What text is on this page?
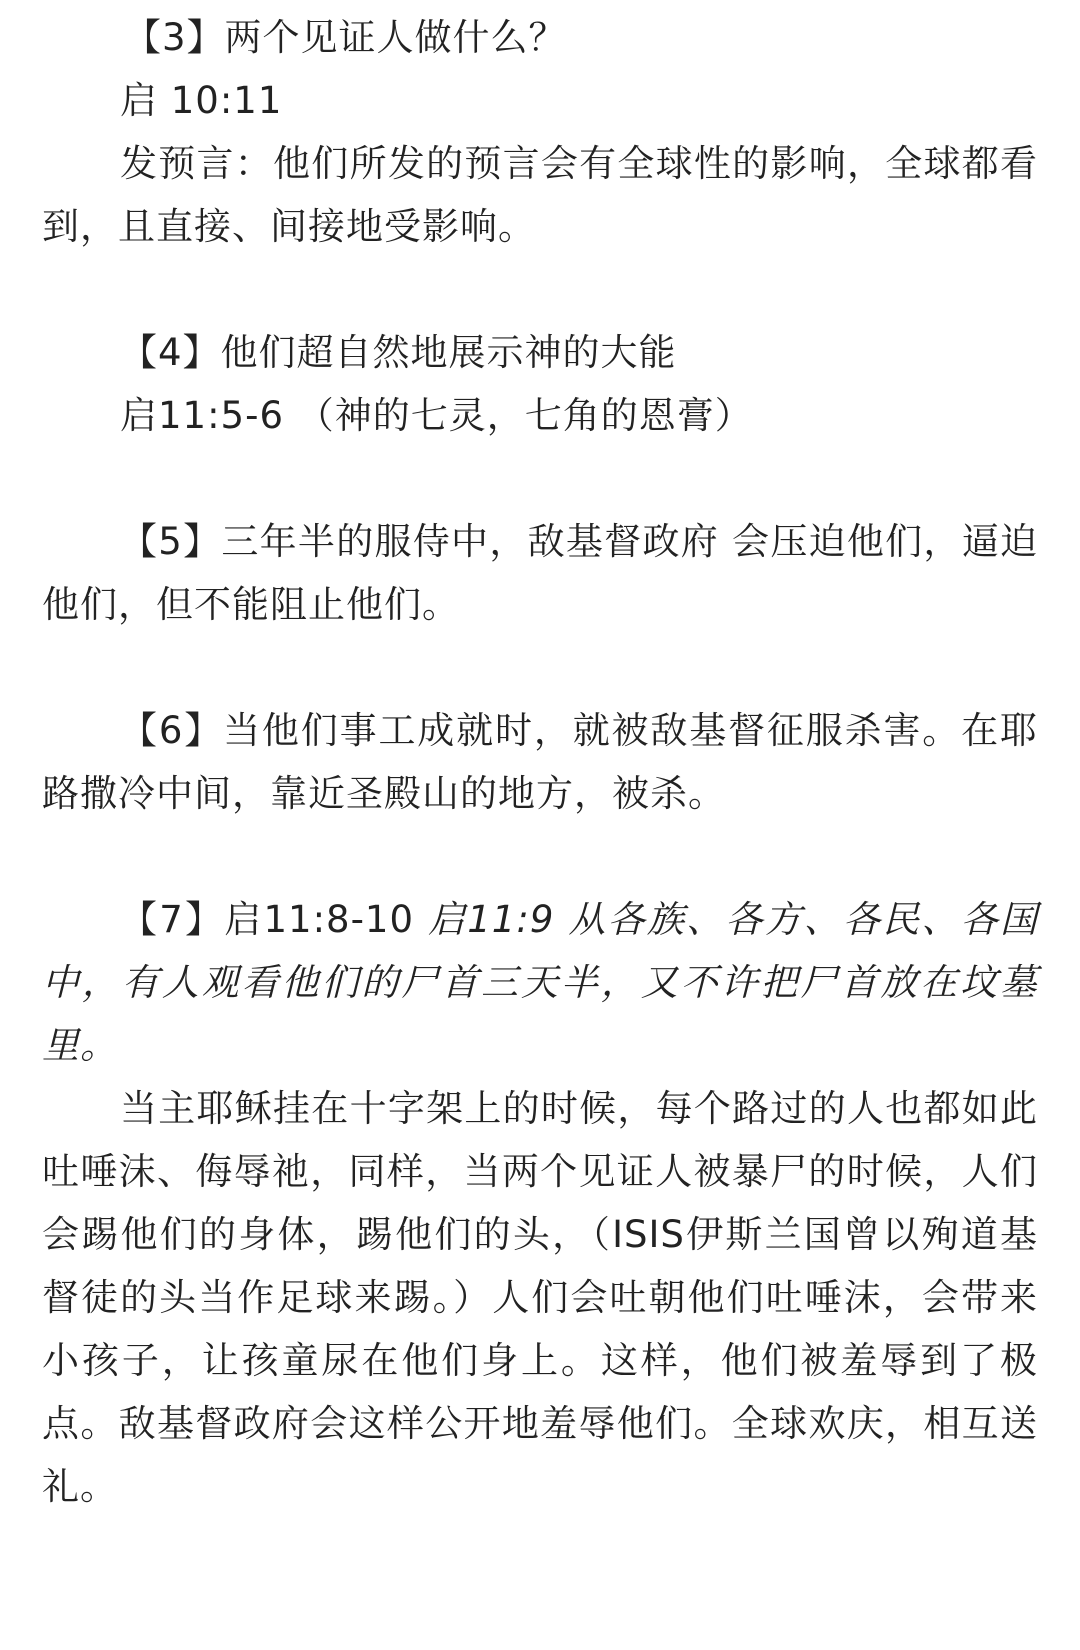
【3】两个见证人做什么？

启 10:11

发预言：他们所发的预言会有全球性的影响，全球都看到，且直接、间接地受影响。

【4】他们超自然地展示神的大能

启11:5-6 （神的七灵，七角的恩膏）

【5】三年半的服侍中，敌基督政府 会压迫他们，逼迫他们，但不能阻止他们。

【6】当他们事工成就时，就被敌基督征服杀害。在耶路撒冷中间，靠近圣殿山的地方，被杀。

【7】启11:8-10 启11:9 从各族、各方、各民、各国中，有人观看他们的尸首三天半，又不许把尸首放在坟墓里。

当主耶稣挂在十字架上的时候，每个路过的人也都如此吐唾沫、侮辱祂，同样，当两个见证人被暴尸的时候，人们会踢他们的身体，踢他们的头，（ISIS伊斯兰国曾以殉道基督徒的头当作足球来踢。）人们会吐朝他们吐唾沫，会带来小孩子，让孩童尿在他们身上。这样，他们被羞辱到了极点。敌基督政府会这样公开地羞辱他们。全球欢庆，相互送礼。
